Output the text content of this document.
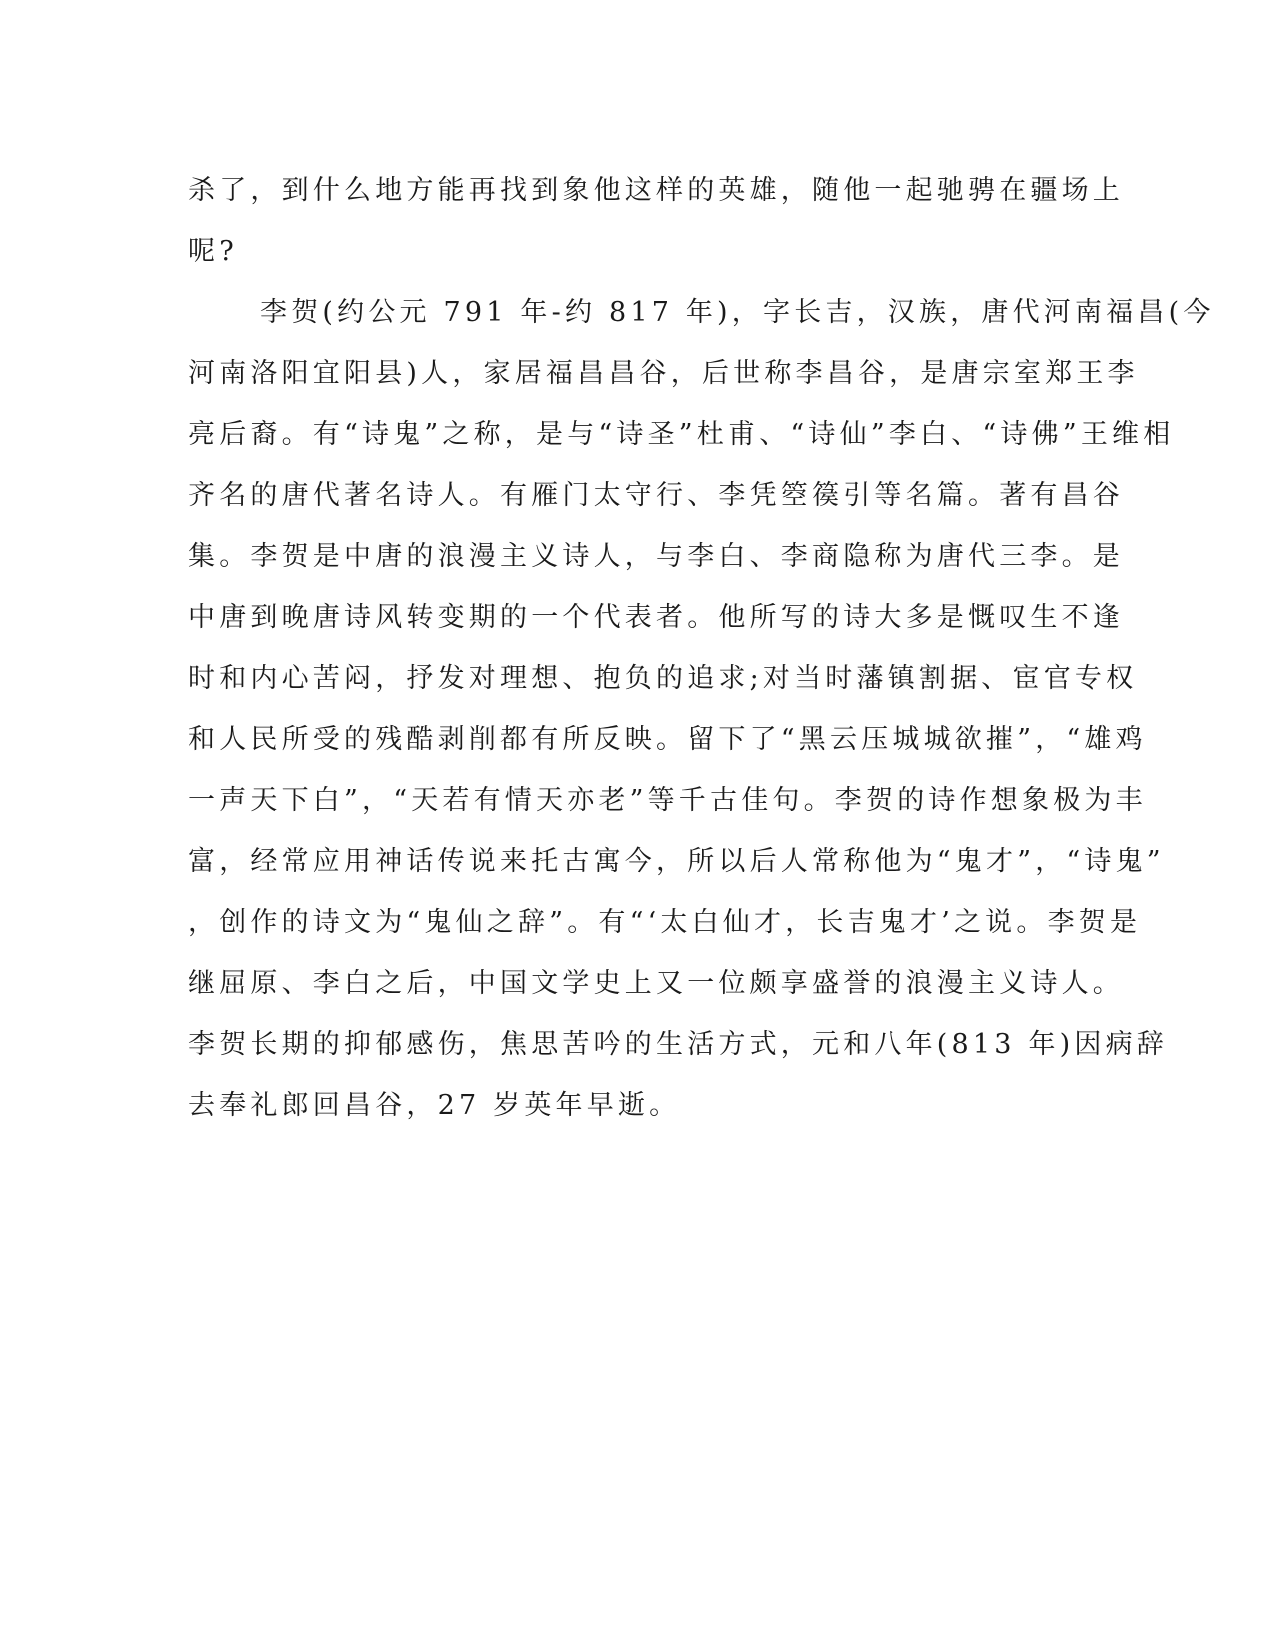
杀了，到什么地方能再找到象他这样的英雄，随他一起驰骋在疆场上
呢?
李贺(约公元 791 年-约 817 年)，字长吉，汉族，唐代河南福昌(今
河南洛阳宜阳县)人，家居福昌昌谷，后世称李昌谷，是唐宗室郑王李
亮后裔。有“诗鬼”之称，是与“诗圣”杜甫、“诗仙”李白、“诗佛”王维相
齐名的唐代著名诗人。有雁门太守行、李凭箜篌引等名篇。著有昌谷
集。李贺是中唐的浪漫主义诗人，与李白、李商隐称为唐代三李。是
中唐到晚唐诗风转变期的一个代表者。他所写的诗大多是慨叹生不逢
时和内心苦闷，抒发对理想、抱负的追求;对当时藩镇割据、宦官专权
和人民所受的残酷剥削都有所反映。留下了“黑云压城城欲摧”，“雄鸡
一声天下白”，“天若有情天亦老”等千古佳句。李贺的诗作想象极为丰
富，经常应用神话传说来托古寓今，所以后人常称他为“鬼才”，“诗鬼”
，创作的诗文为“鬼仙之辞”。有“‘太白仙才，长吉鬼才’之说。李贺是
继屈原、李白之后，中国文学史上又一位颇享盛誉的浪漫主义诗人。
李贺长期的抑郁感伤，焦思苦吟的生活方式，元和八年(813 年)因病辞
去奉礼郎回昌谷，27 岁英年早逝。
